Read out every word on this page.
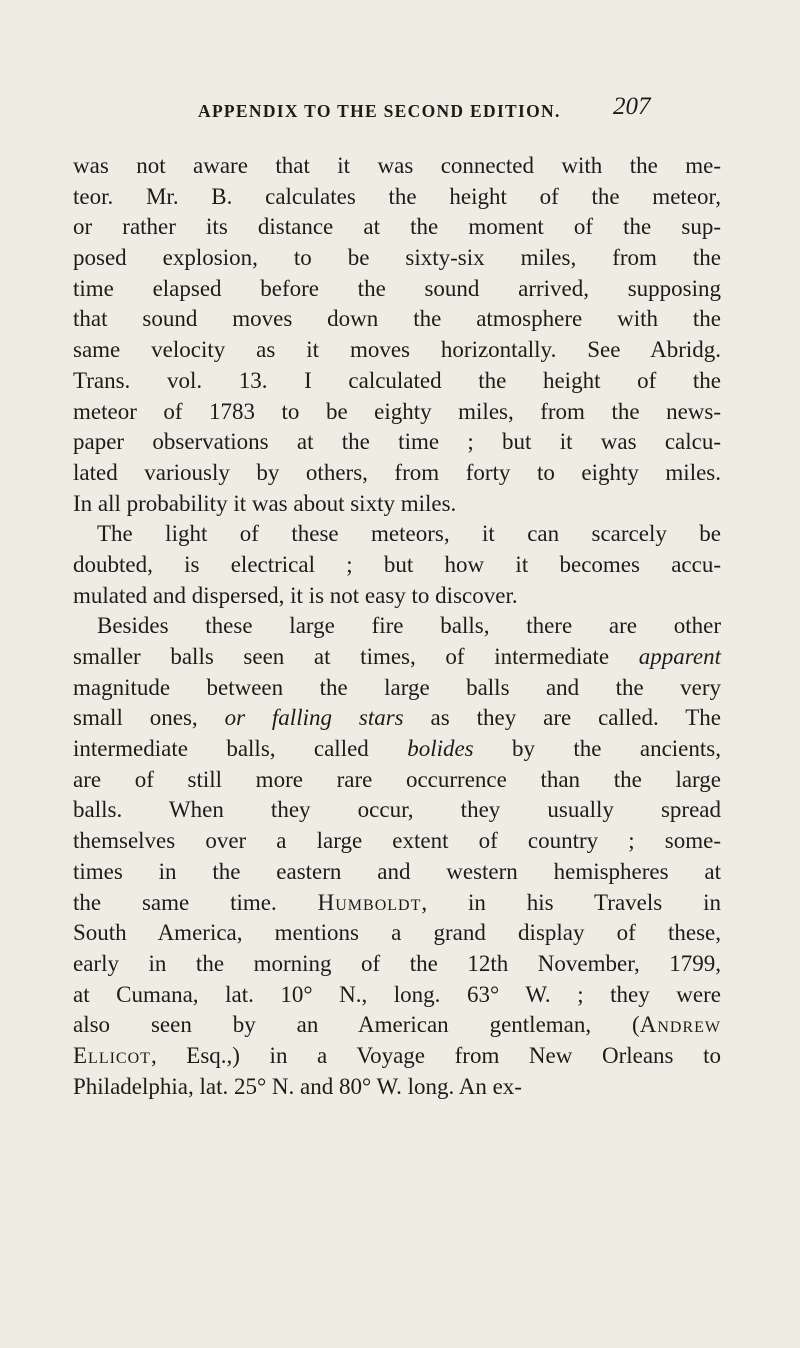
APPENDIX TO THE SECOND EDITION. 207
was not aware that it was connected with the me-
teor. Mr. B. calculates the height of the meteor,
or rather its distance at the moment of the sup-
posed explosion, to be sixty-six miles, from the
time elapsed before the sound arrived, supposing
that sound moves down the atmosphere with the
same velocity as it moves horizontally. See Abridg.
Trans. vol. 13. I calculated the height of the
meteor of 1783 to be eighty miles, from the news-
paper observations at the time ; but it was calcu-
lated variously by others, from forty to eighty miles.
In all probability it was about sixty miles.
The light of these meteors, it can scarcely be
doubted, is electrical ; but how it becomes accu-
mulated and dispersed, it is not easy to discover.
Besides these large fire balls, there are other
smaller balls seen at times, of intermediate apparent
magnitude between the large balls and the very
small ones, or falling stars as they are called. The
intermediate balls, called bolides by the ancients,
are of still more rare occurrence than the large
balls. When they occur, they usually spread
themselves over a large extent of country ; some-
times in the eastern and western hemispheres at
the same time. Humboldt, in his Travels in
South America, mentions a grand display of these,
early in the morning of the 12th November, 1799,
at Cumana, lat. 10° N., long. 63° W. ; they were
also seen by an American gentleman, (Andrew
Ellicot, Esq.,) in a Voyage from New Orleans to
Philadelphia, lat. 25° N. and 80° W. long. An ex-
